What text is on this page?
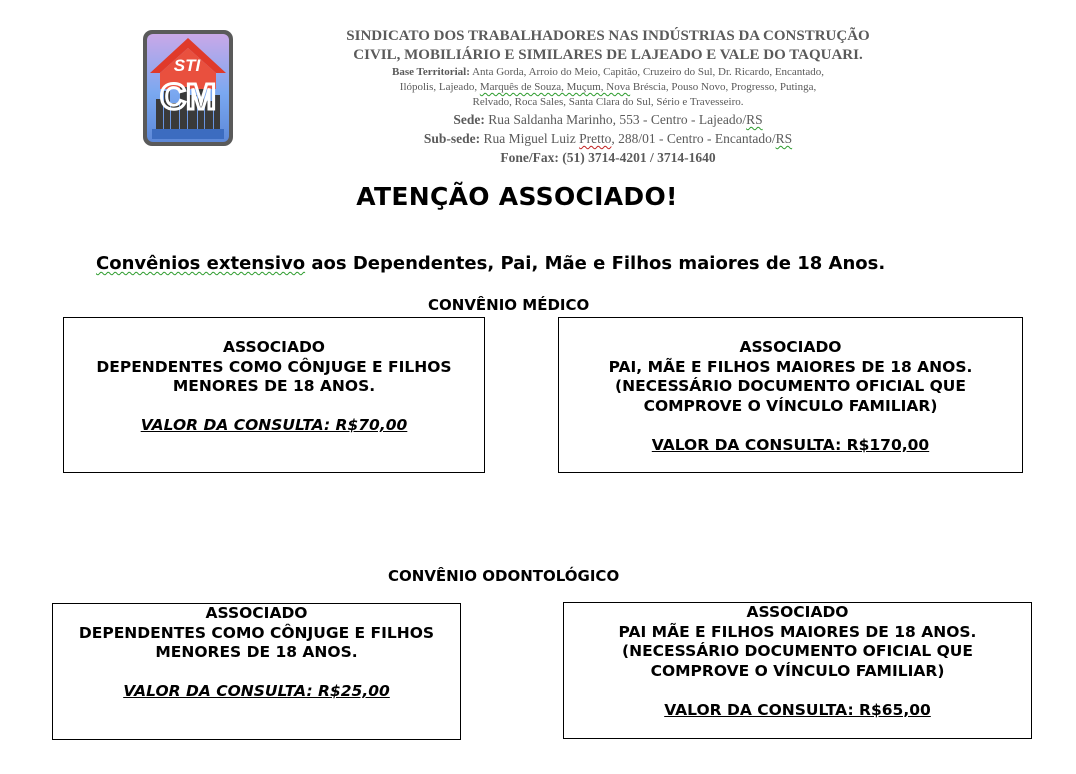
STI
CM
SINDICATO DOS TRABALHADORES NAS INDÚSTRIAS DA CONSTRUÇÃO
CIVIL, MOBILIÁRIO E SIMILARES DE LAJEADO E VALE DO TAQUARI.
Base Territorial: Anta Gorda, Arroio do Meio, Capitão, Cruzeiro do Sul, Dr. Ricardo, Encantado,
Ilópolis, Lajeado, Marquês de Souza, Muçum, Nova Bréscia, Pouso Novo, Progresso, Putinga,
Relvado, Roca Sales, Santa Clara do Sul, Sério e Travesseiro.
Sede: Rua Saldanha Marinho, 553 - Centro - Lajeado/RS
Sub-sede: Rua Miguel Luiz Pretto, 288/01 - Centro - Encantado/RS
Fone/Fax: (51) 3714-4201 / 3714-1640
ATENÇÃO ASSOCIADO!
Convênios extensivo aos Dependentes, Pai, Mãe e Filhos maiores de 18 Anos.
CONVÊNIO MÉDICO
ASSOCIADO
DEPENDENTES COMO CÔNJUGE E FILHOS
MENORES DE 18 ANOS.
VALOR DA CONSULTA: R$70,00
ASSOCIADO
PAI, MÃE E FILHOS MAIORES DE 18 ANOS.
(NECESSÁRIO DOCUMENTO OFICIAL QUE
COMPROVE O VÍNCULO FAMILIAR)
VALOR DA CONSULTA: R$170,00
CONVÊNIO ODONTOLÓGICO
ASSOCIADO
DEPENDENTES COMO CÔNJUGE E FILHOS
MENORES DE 18 ANOS.
VALOR DA CONSULTA: R$25,00
ASSOCIADO
PAI MÃE E FILHOS MAIORES DE 18 ANOS.
(NECESSÁRIO DOCUMENTO OFICIAL QUE
COMPROVE O VÍNCULO FAMILIAR)
VALOR DA CONSULTA: R$65,00
